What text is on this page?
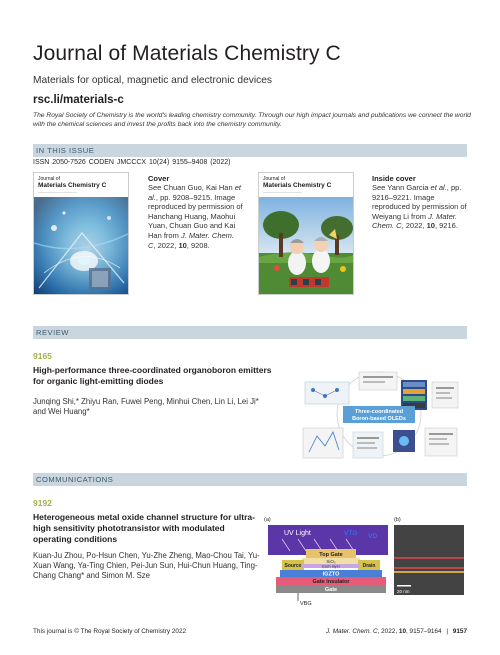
Journal of Materials Chemistry C
Materials for optical, magnetic and electronic devices
rsc.li/materials-c
The Royal Society of Chemistry is the world's leading chemistry community. Through our high impact journals and publications we connect the world with the chemical sciences and invest the profits back into the chemistry community.
IN THIS ISSUE
ISSN 2050-7526 CODEN JMCCCX 10(24) 9155–9408 (2022)
Journal of
Materials Chemistry C
―――――――――――――
Cover
See Chuan Guo, Kai Han et al., pp. 9208–9215. Image reproduced by permission of Hanchang Huang, Maohui Yuan, Chuan Guo and Kai Han from J. Mater. Chem. C, 2022, 10, 9208.
Journal of
Materials Chemistry C
―――――――――――――
Inside cover
See Yann Garcia et al., pp. 9216–9221. Image reproduced by permission of Weiyang Li from J. Mater. Chem. C, 2022, 10, 9216.
REVIEW
9165
High-performance three-coordinated organoboron emitters for organic light-emitting diodes
Junqing Shi,* Zhiyu Ran, Fuwei Peng, Minhui Chen, Lin Li, Lei Ji* and Wei Huang*	Three-coordinated
Boron-based OLEDs
COMMUNICATIONS
9192
Heterogeneous metal oxide channel structure for ultra-high sensitivity phototransistor with modulated operating conditions
Kuan-Ju Zhou, Po-Hsun Chen, Yu-Zhe Zheng, Mao-Chou Tai, Yu-Xuan Wang, Ya-Ting Chien, Pei-Jun Sun, Hui-Chun Huang, Ting-Chang Chang* and Simon M. Sze
(a)
UV Light	VTG VD
Top Gate
SiO₂
Source	Drain
Each layer
IGZTO
Gate insulator
Gate
VBG
(b)
20 nm
This journal is © The Royal Society of Chemistry 2022	J. Mater. Chem. C, 2022, 10, 9157–9164 | 9157
